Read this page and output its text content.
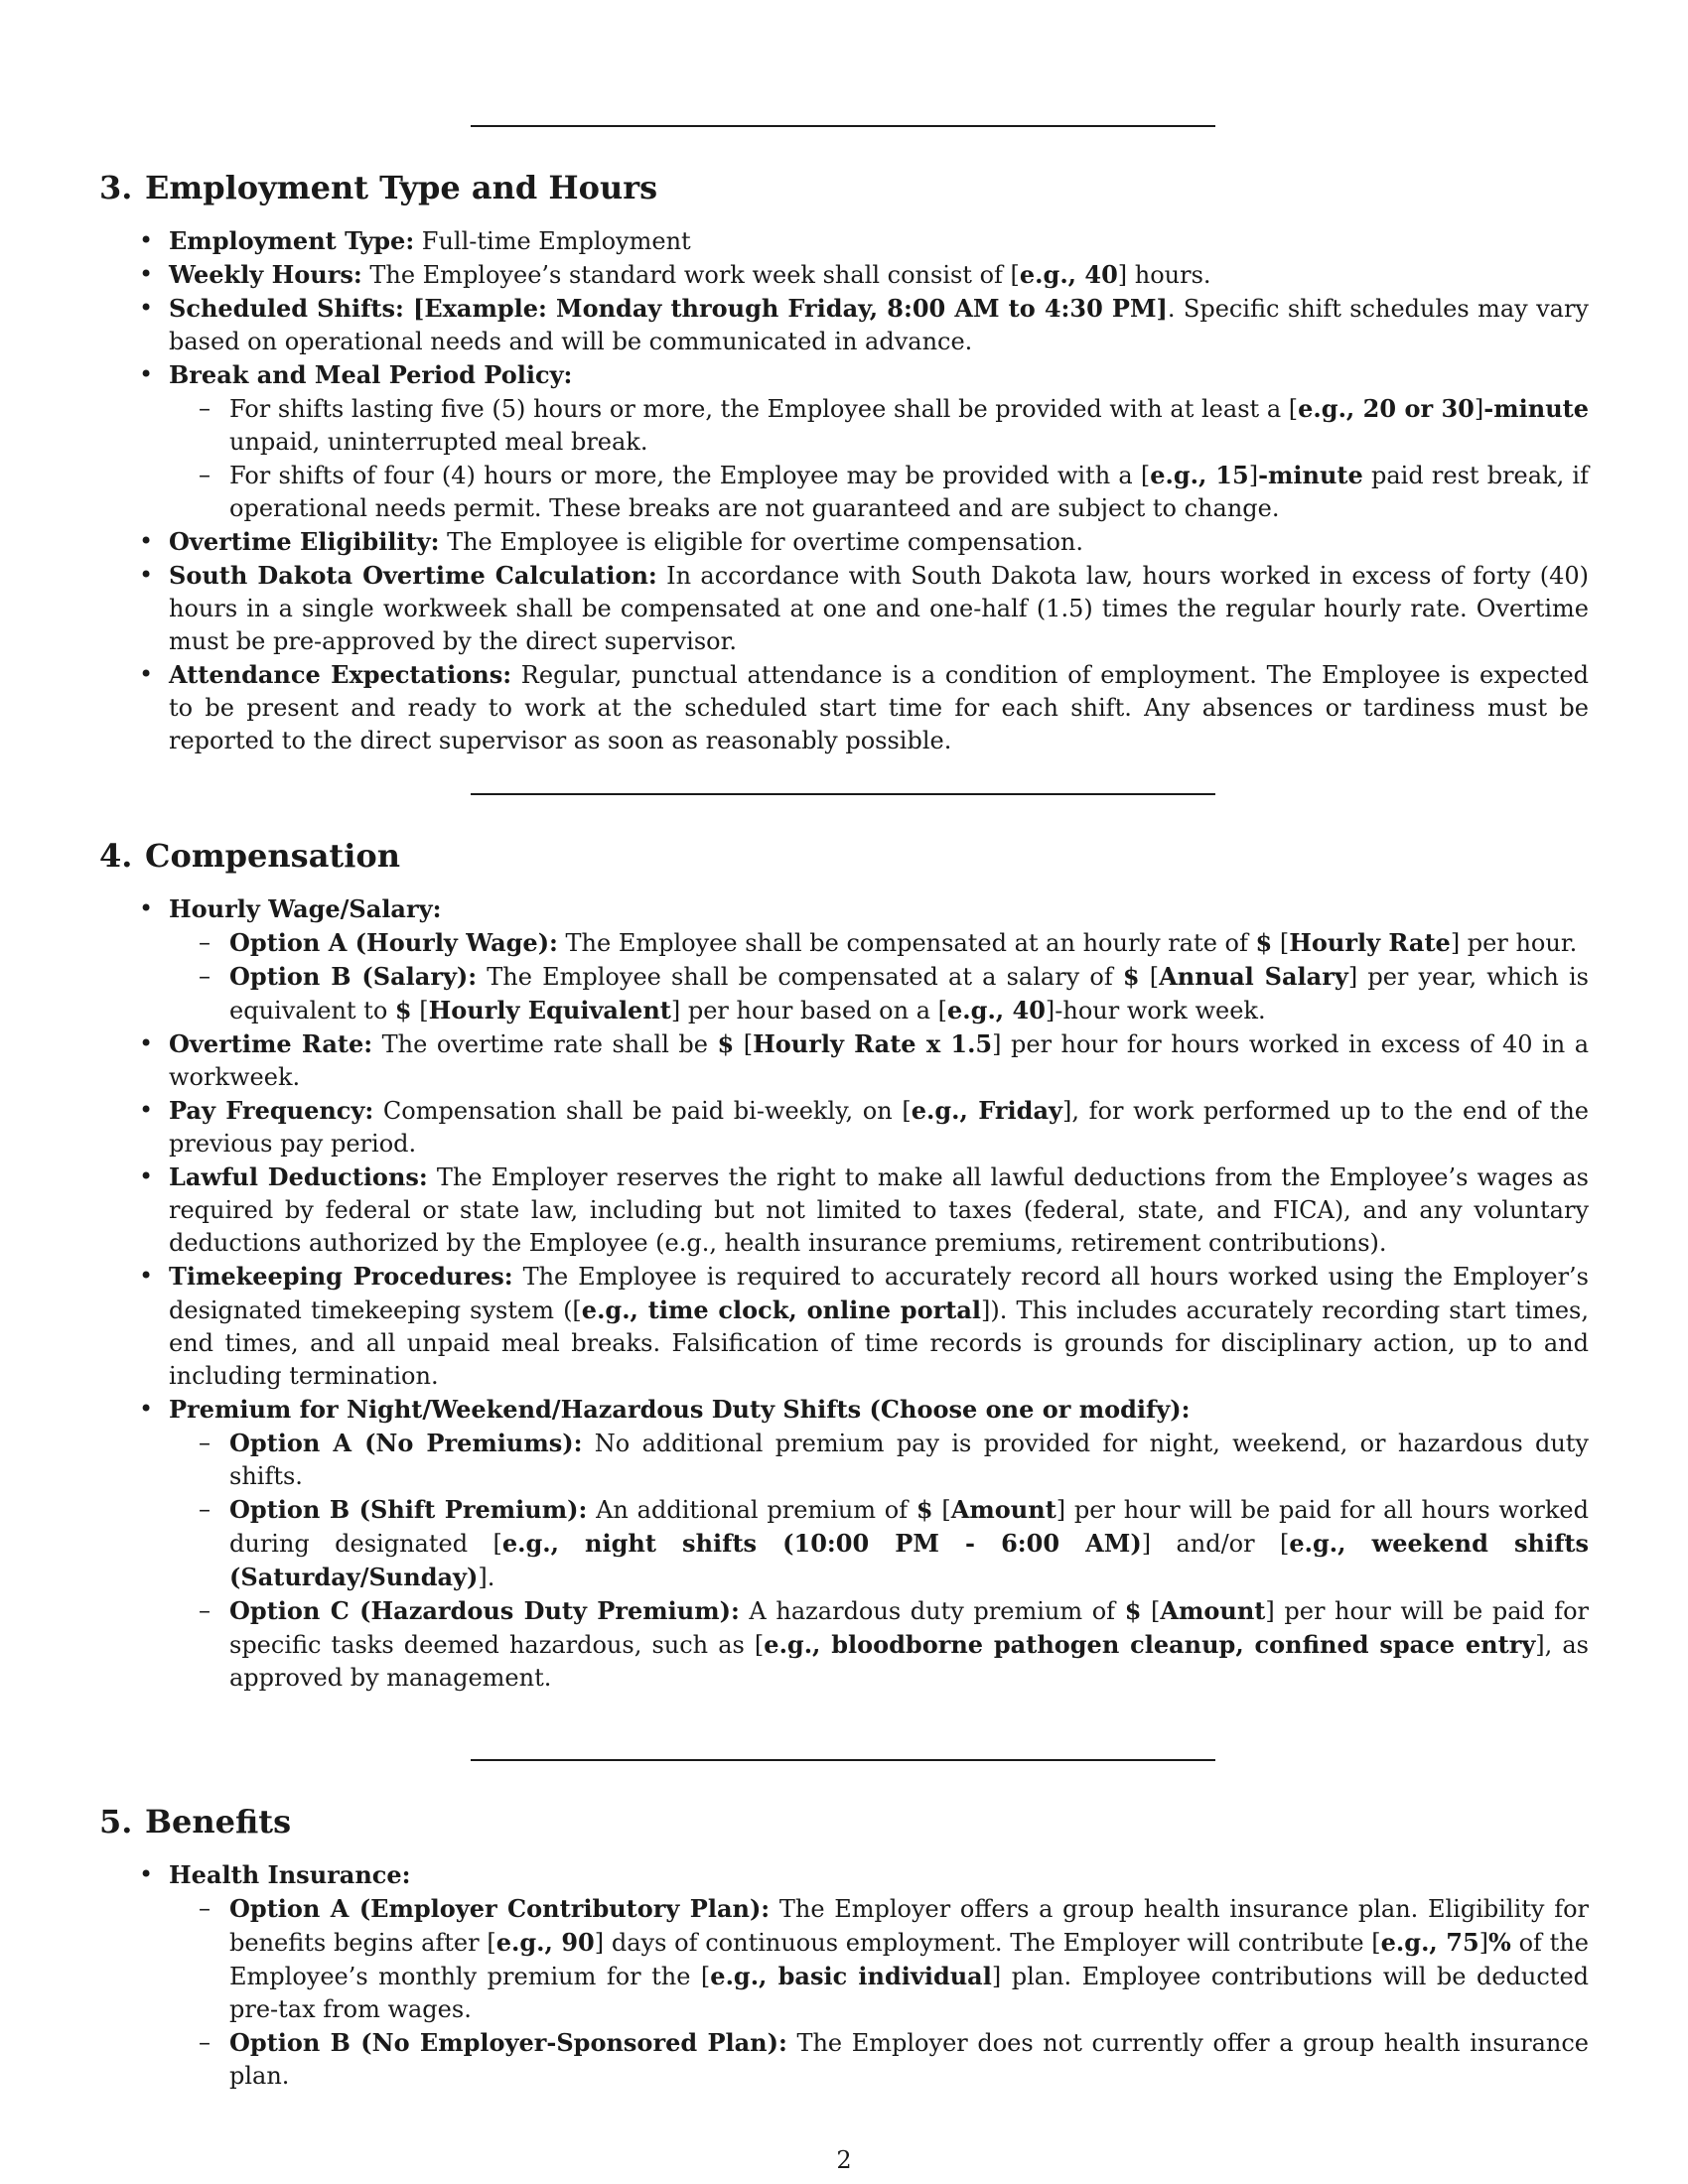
3. Employment Type and Hours
• Employment Type: Full-time Employment
• Weekly Hours: The Employee’s standard work week shall consist of [e.g., 40] hours.
• Scheduled Shifts: [Example: Monday through Friday, 8:00 AM to 4:30 PM]. Specific shift schedules may vary based on operational needs and will be communicated in advance.
• Break and Meal Period Policy:
– For shifts lasting five (5) hours or more, the Employee shall be provided with at least a [e.g., 20 or 30]-minute unpaid, uninterrupted meal break.
– For shifts of four (4) hours or more, the Employee may be provided with a [e.g., 15]-minute paid rest break, if operational needs permit. These breaks are not guaranteed and are subject to change.
• Overtime Eligibility: The Employee is eligible for overtime compensation.
• South Dakota Overtime Calculation: In accordance with South Dakota law, hours worked in excess of forty (40) hours in a single workweek shall be compensated at one and one-half (1.5) times the regular hourly rate. Overtime must be pre-approved by the direct supervisor.
• Attendance Expectations: Regular, punctual attendance is a condition of employment. The Employee is expected to be present and ready to work at the scheduled start time for each shift. Any absences or tardiness must be reported to the direct supervisor as soon as reasonably possible.
4. Compensation
• Hourly Wage/Salary:
– Option A (Hourly Wage): The Employee shall be compensated at an hourly rate of $ [Hourly Rate] per hour.
– Option B (Salary): The Employee shall be compensated at a salary of $ [Annual Salary] per year, which is equivalent to $ [Hourly Equivalent] per hour based on a [e.g., 40]-hour work week.
• Overtime Rate: The overtime rate shall be $ [Hourly Rate x 1.5] per hour for hours worked in excess of 40 in a workweek.
• Pay Frequency: Compensation shall be paid bi-weekly, on [e.g., Friday], for work performed up to the end of the previous pay period.
• Lawful Deductions: The Employer reserves the right to make all lawful deductions from the Employee’s wages as required by federal or state law, including but not limited to taxes (federal, state, and FICA), and any voluntary deductions authorized by the Employee (e.g., health insurance premiums, retirement contributions).
• Timekeeping Procedures: The Employee is required to accurately record all hours worked using the Employer’s designated timekeeping system ([e.g., time clock, online portal]). This includes accurately recording start times, end times, and all unpaid meal breaks. Falsification of time records is grounds for disciplinary action, up to and including termination.
• Premium for Night/Weekend/Hazardous Duty Shifts (Choose one or modify):
– Option A (No Premiums): No additional premium pay is provided for night, weekend, or hazardous duty shifts.
– Option B (Shift Premium): An additional premium of $ [Amount] per hour will be paid for all hours worked during designated [e.g., night shifts (10:00 PM - 6:00 AM)] and/or [e.g., weekend shifts (Saturday/Sunday)].
– Option C (Hazardous Duty Premium): A hazardous duty premium of $ [Amount] per hour will be paid for specific tasks deemed hazardous, such as [e.g., bloodborne pathogen cleanup, confined space entry], as approved by management.
5. Benefits
• Health Insurance:
– Option A (Employer Contributory Plan): The Employer offers a group health insurance plan. Eligibility for benefits begins after [e.g., 90] days of continuous employment. The Employer will contribute [e.g., 75]% of the Employee’s monthly premium for the [e.g., basic individual] plan. Employee contributions will be deducted pre-tax from wages.
– Option B (No Employer-Sponsored Plan): The Employer does not currently offer a group health insurance plan.
2
